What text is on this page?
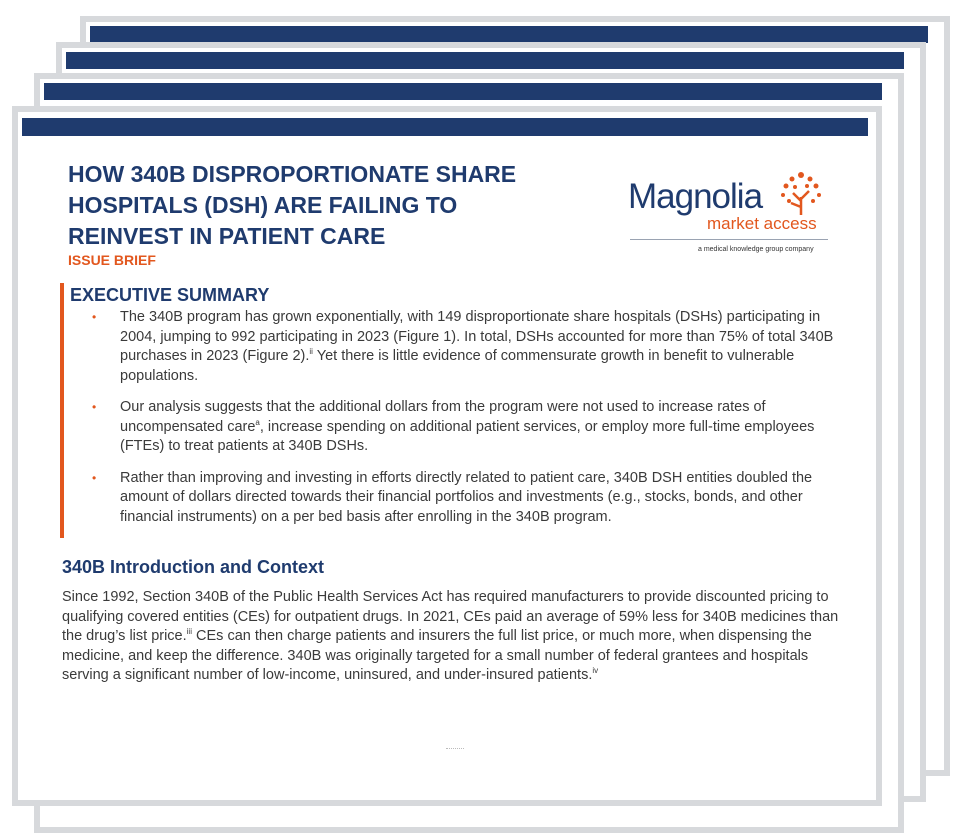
HOW 340B DISPROPORTIONATE SHARE
HOSPITALS (DSH) ARE FAILING TO
REINVEST IN PATIENT CARE
ISSUE BRIEF
Magnolia
market access
a medical knowledge group company
EXECUTIVE SUMMARY
• The 340B program has grown exponentially, with 149 disproportionate share hospitals (DSHs) participating in 2004, jumping to 992 participating in 2023 (Figure 1). In total, DSHs accounted for more than 75% of total 340B purchases in 2023 (Figure 2).$^{ii}$ Yet there is little evidence of commensurate growth in benefit to vulnerable populations.
• Our analysis suggests that the additional dollars from the program were not used to increase rates of uncompensated care$^a$, increase spending on additional patient services, or employ more full-time employees (FTEs) to treat patients at 340B DSHs.
• Rather than improving and investing in efforts directly related to patient care, 340B DSH entities doubled the amount of dollars directed towards their financial portfolios and investments (e.g., stocks, bonds, and other financial instruments) on a per bed basis after enrolling in the 340B program.
340B Introduction and Context

Since 1992, Section 340B of the Public Health Services Act has required manufacturers to provide discounted pricing to qualifying covered entities (CEs) for outpatient drugs. In 2021, CEs paid an average of 59% less for 340B medicines than the drug’s list price.$^{iii}$ CEs can then charge patients and insurers the full list price, or much more, when dispensing the medicine, and keep the difference. 340B was originally targeted for a small number of federal grantees and hospitals serving a significant number of low-income, uninsured, and under-insured patients.$^{iv}$
